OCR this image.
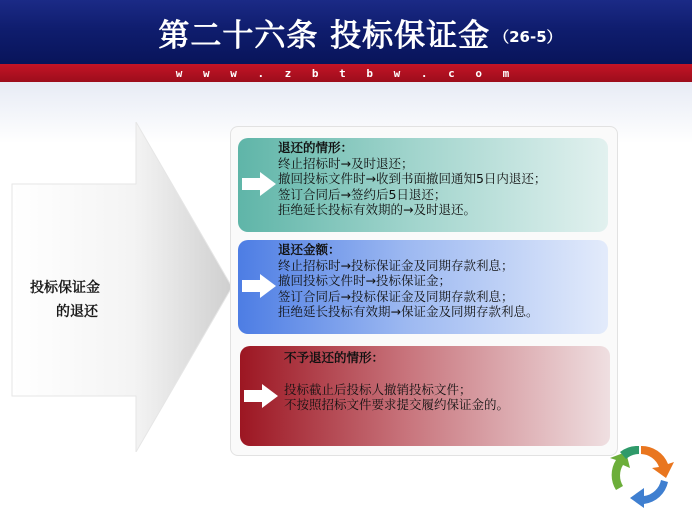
第二十六条 投标保证金 （26-5）
w w w . z b t b w . c o m
投标保证金
的退还
退还的情形：
终止招标时→及时退还；
撤回投标文件时→收到书面撤回通知5日内退还；
签订合同后→签约后5日退还；
拒绝延长投标有效期的→及时退还。
退还金额：
终止招标时→投标保证金及同期存款利息；
撤回投标文件时→投标保证金；
签订合同后→投标保证金及同期存款利息；
拒绝延长投标有效期→保证金及同期存款利息。
不予退还的情形：
投标截止后投标人撤销投标文件；
不按照招标文件要求提交履约保证金的。
